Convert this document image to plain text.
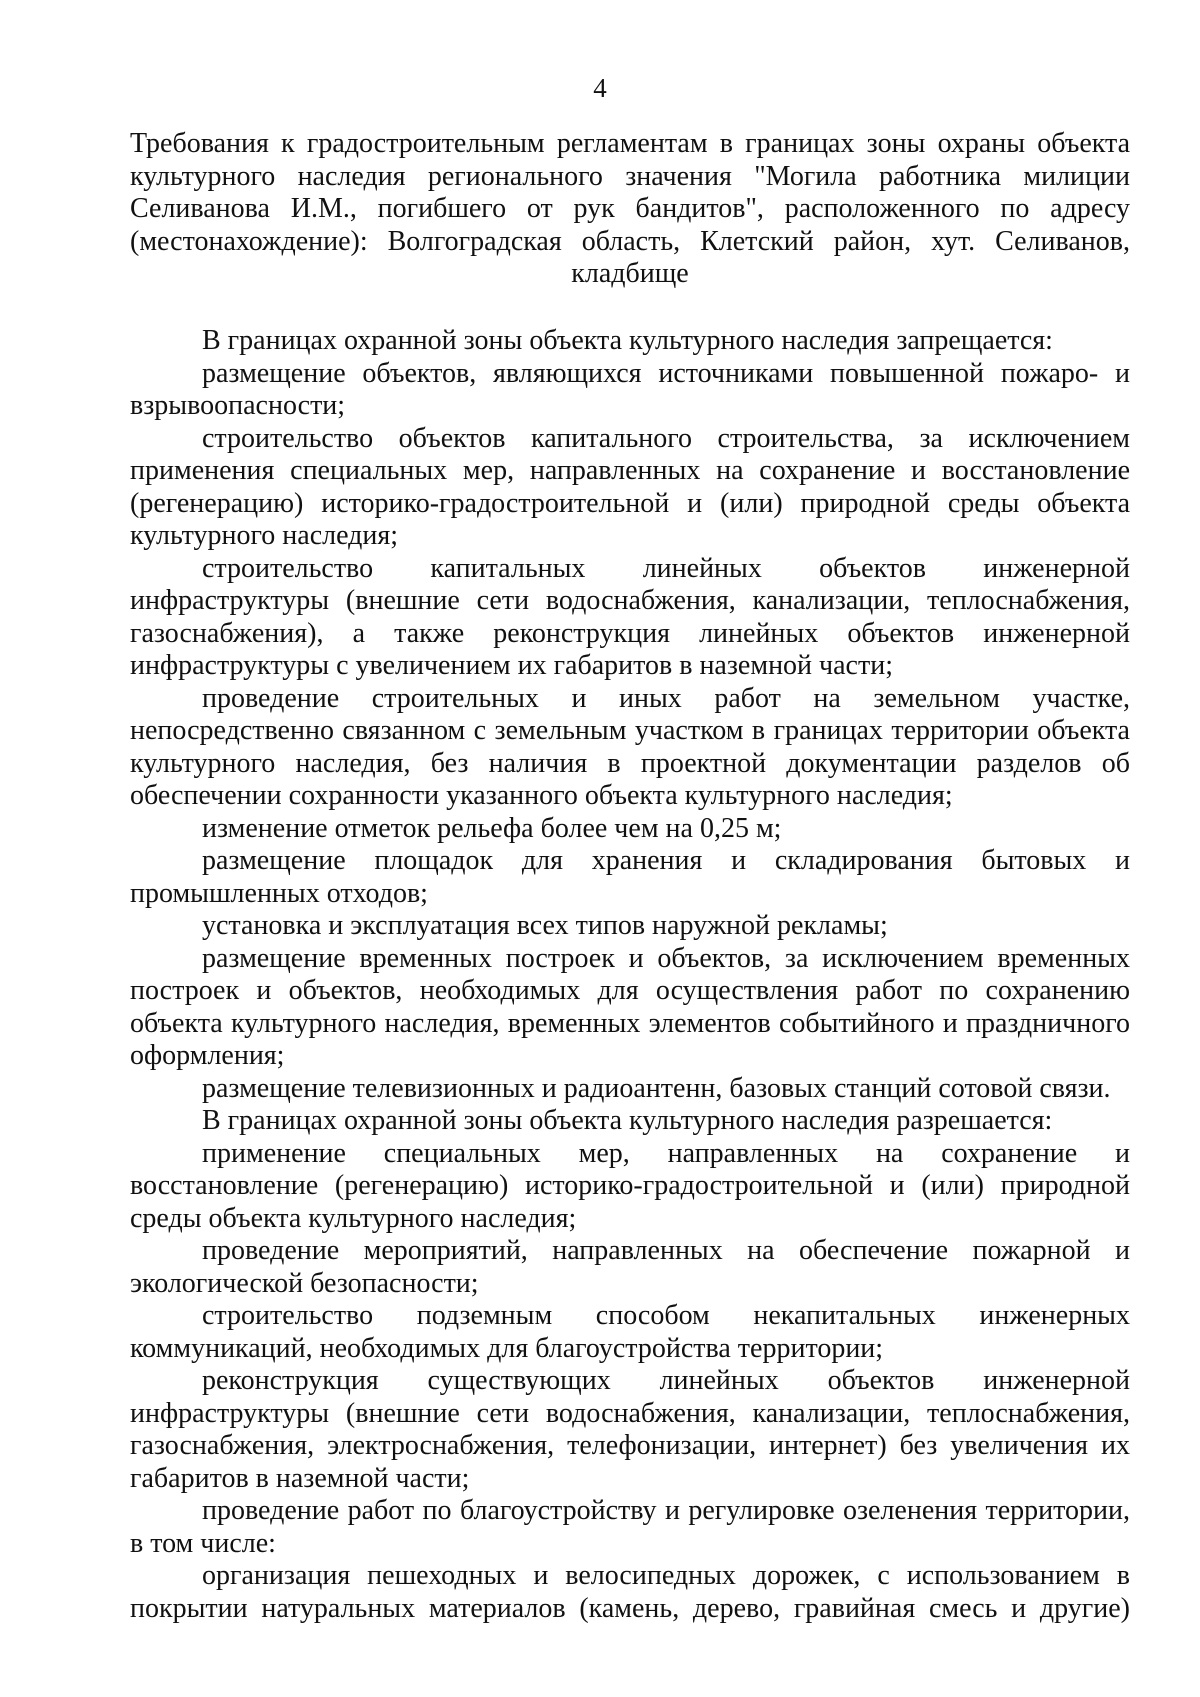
4
Требования к градостроительным регламентам в границах зоны охраны объекта культурного наследия регионального значения "Могила работника милиции Селиванова И.М., погибшего от рук бандитов", расположенного по адресу (местонахождение): Волгоградская область, Клетский район, хут. Селиванов, кладбище

В границах охранной зоны объекта культурного наследия запрещается:

размещение объектов, являющихся источниками повышенной пожаро- и взрывоопасности;

строительство объектов капитального строительства, за исключением применения специальных мер, направленных на сохранение и восстановление (регенерацию) историко-градостроительной и (или) природной среды объекта культурного наследия;

строительство капитальных линейных объектов инженерной инфраструктуры (внешние сети водоснабжения, канализации, теплоснабжения, газоснабжения), а также реконструкция линейных объектов инженерной инфраструктуры с увеличением их габаритов в наземной части;

проведение строительных и иных работ на земельном участке, непосредственно связанном с земельным участком в границах территории объекта культурного наследия, без наличия в проектной документации разделов об обеспечении сохранности указанного объекта культурного наследия;

изменение отметок рельефа более чем на 0,25 м;

размещение площадок для хранения и складирования бытовых и промышленных отходов;

установка и эксплуатация всех типов наружной рекламы;

размещение временных построек и объектов, за исключением временных построек и объектов, необходимых для осуществления работ по сохранению объекта культурного наследия, временных элементов событийного и праздничного оформления;

размещение телевизионных и радиоантенн, базовых станций сотовой связи.

В границах охранной зоны объекта культурного наследия разрешается:

применение специальных мер, направленных на сохранение и восстановление (регенерацию) историко-градостроительной и (или) природной среды объекта культурного наследия;

проведение мероприятий, направленных на обеспечение пожарной и экологической безопасности;

строительство подземным способом некапитальных инженерных коммуникаций, необходимых для благоустройства территории;

реконструкция существующих линейных объектов инженерной инфраструктуры (внешние сети водоснабжения, канализации, теплоснабжения, газоснабжения, электроснабжения, телефонизации, интернет) без увеличения их габаритов в наземной части;

проведение работ по благоустройству и регулировке озеленения территории, в том числе:

организация пешеходных и велосипедных дорожек, с использованием в покрытии натуральных материалов (камень, дерево, гравийная смесь и другие)
